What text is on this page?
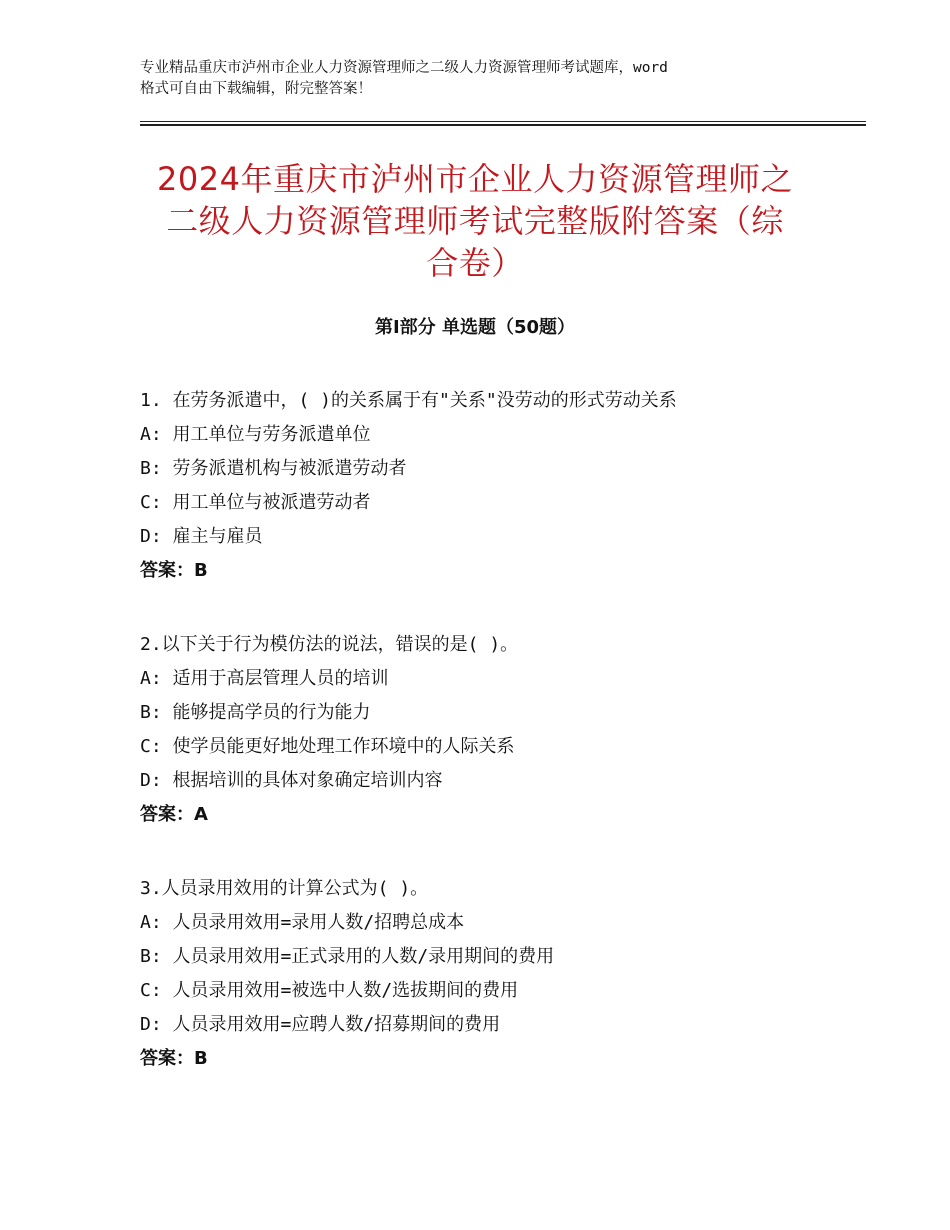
专业精品重庆市泸州市企业人力资源管理师之二级人力资源管理师考试题库，word
格式可自由下载编辑，附完整答案！
2024年重庆市泸州市企业人力资源管理师之
二级人力资源管理师考试完整版附答案（综
合卷）
第Ⅰ部分 单选题（50题）
1. 在劳务派遣中，( )的关系属于有"关系"没劳动的形式劳动关系
A: 用工单位与劳务派遣单位
B: 劳务派遣机构与被派遣劳动者
C: 用工单位与被派遣劳动者
D: 雇主与雇员
答案：B
2.以下关于行为模仿法的说法，错误的是( )。
A: 适用于高层管理人员的培训
B: 能够提高学员的行为能力
C: 使学员能更好地处理工作环境中的人际关系
D: 根据培训的具体对象确定培训内容
答案：A
3.人员录用效用的计算公式为( )。
A: 人员录用效用=录用人数/招聘总成本
B: 人员录用效用=正式录用的人数/录用期间的费用
C: 人员录用效用=被选中人数/选拔期间的费用
D: 人员录用效用=应聘人数/招募期间的费用
答案：B
